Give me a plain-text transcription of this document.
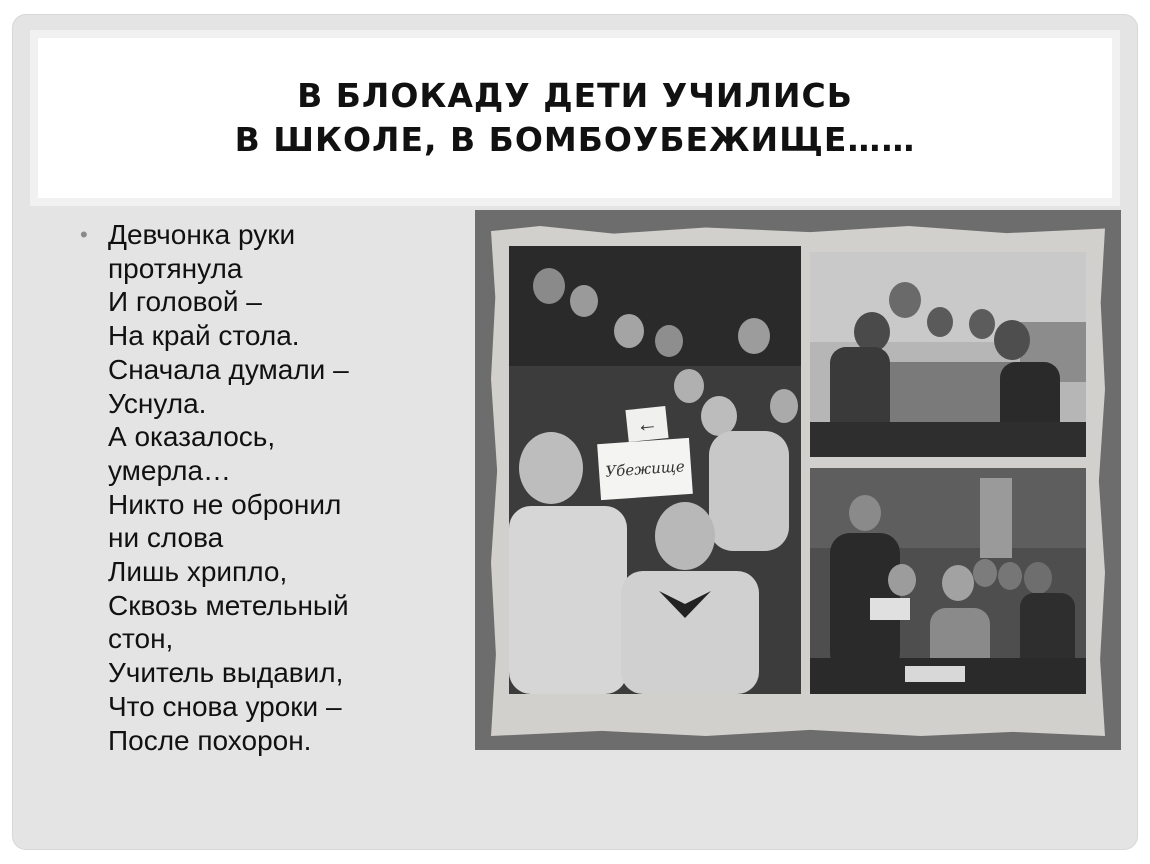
В БЛОКАДУ ДЕТИ УЧИЛИСЬ
В ШКОЛЕ, В БОМБОУБЕЖИЩЕ……
• Девчонка руки
протянула
И головой –
На край стола.
Сначала думали –
Уснула.
А оказалось,
умерла…
Никто не обронил
ни слова
Лишь хрипло,
Сквозь метельный
стон,
Учитель выдавил,
Что снова уроки –
После похорон.
←
Убежище
